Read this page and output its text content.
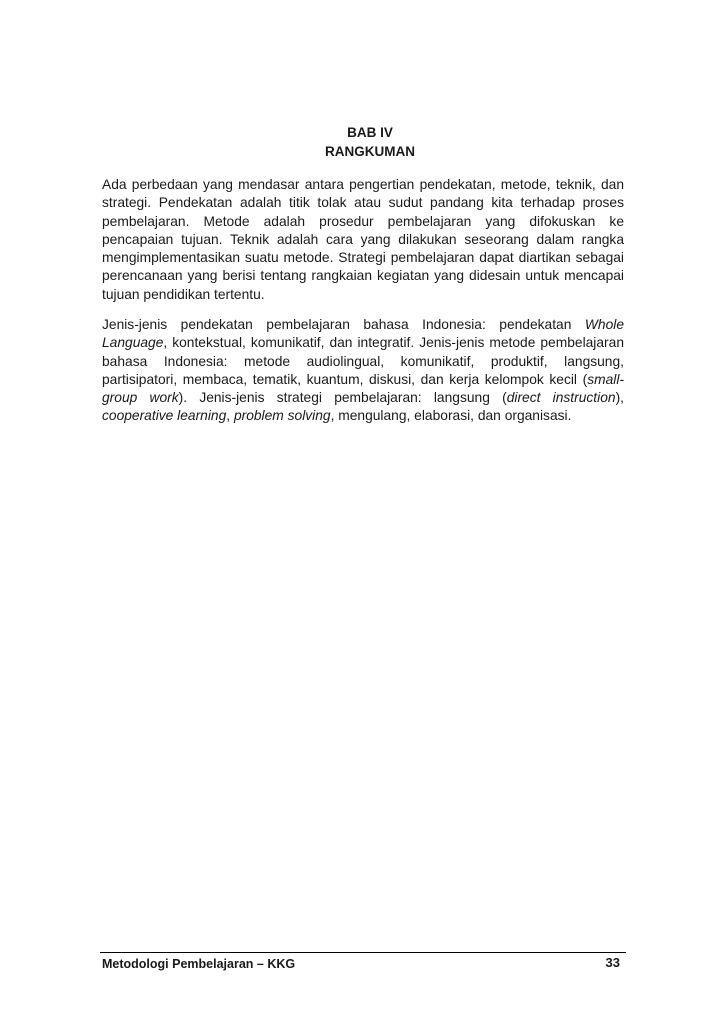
BAB IV
RANGKUMAN
Ada perbedaan yang mendasar antara pengertian pendekatan, metode, teknik, dan strategi. Pendekatan adalah titik tolak atau sudut pandang kita terhadap proses pembelajaran. Metode adalah prosedur pembelajaran yang difokuskan ke pencapaian tujuan. Teknik adalah cara yang dilakukan seseorang dalam rangka mengimplementasikan suatu metode. Strategi pembelajaran dapat diartikan sebagai perencanaan yang berisi tentang rangkaian kegiatan yang didesain untuk mencapai tujuan pendidikan tertentu.
Jenis-jenis pendekatan pembelajaran bahasa Indonesia: pendekatan Whole Language, kontekstual, komunikatif, dan integratif. Jenis-jenis metode pembelajaran bahasa Indonesia: metode audiolingual, komunikatif, produktif, langsung, partisipatori, membaca, tematik, kuantum, diskusi, dan kerja kelompok kecil (small-group work). Jenis-jenis strategi pembelajaran: langsung (direct instruction), cooperative learning, problem solving, mengulang, elaborasi, dan organisasi.
Metodologi Pembelajaran – KKG	33
